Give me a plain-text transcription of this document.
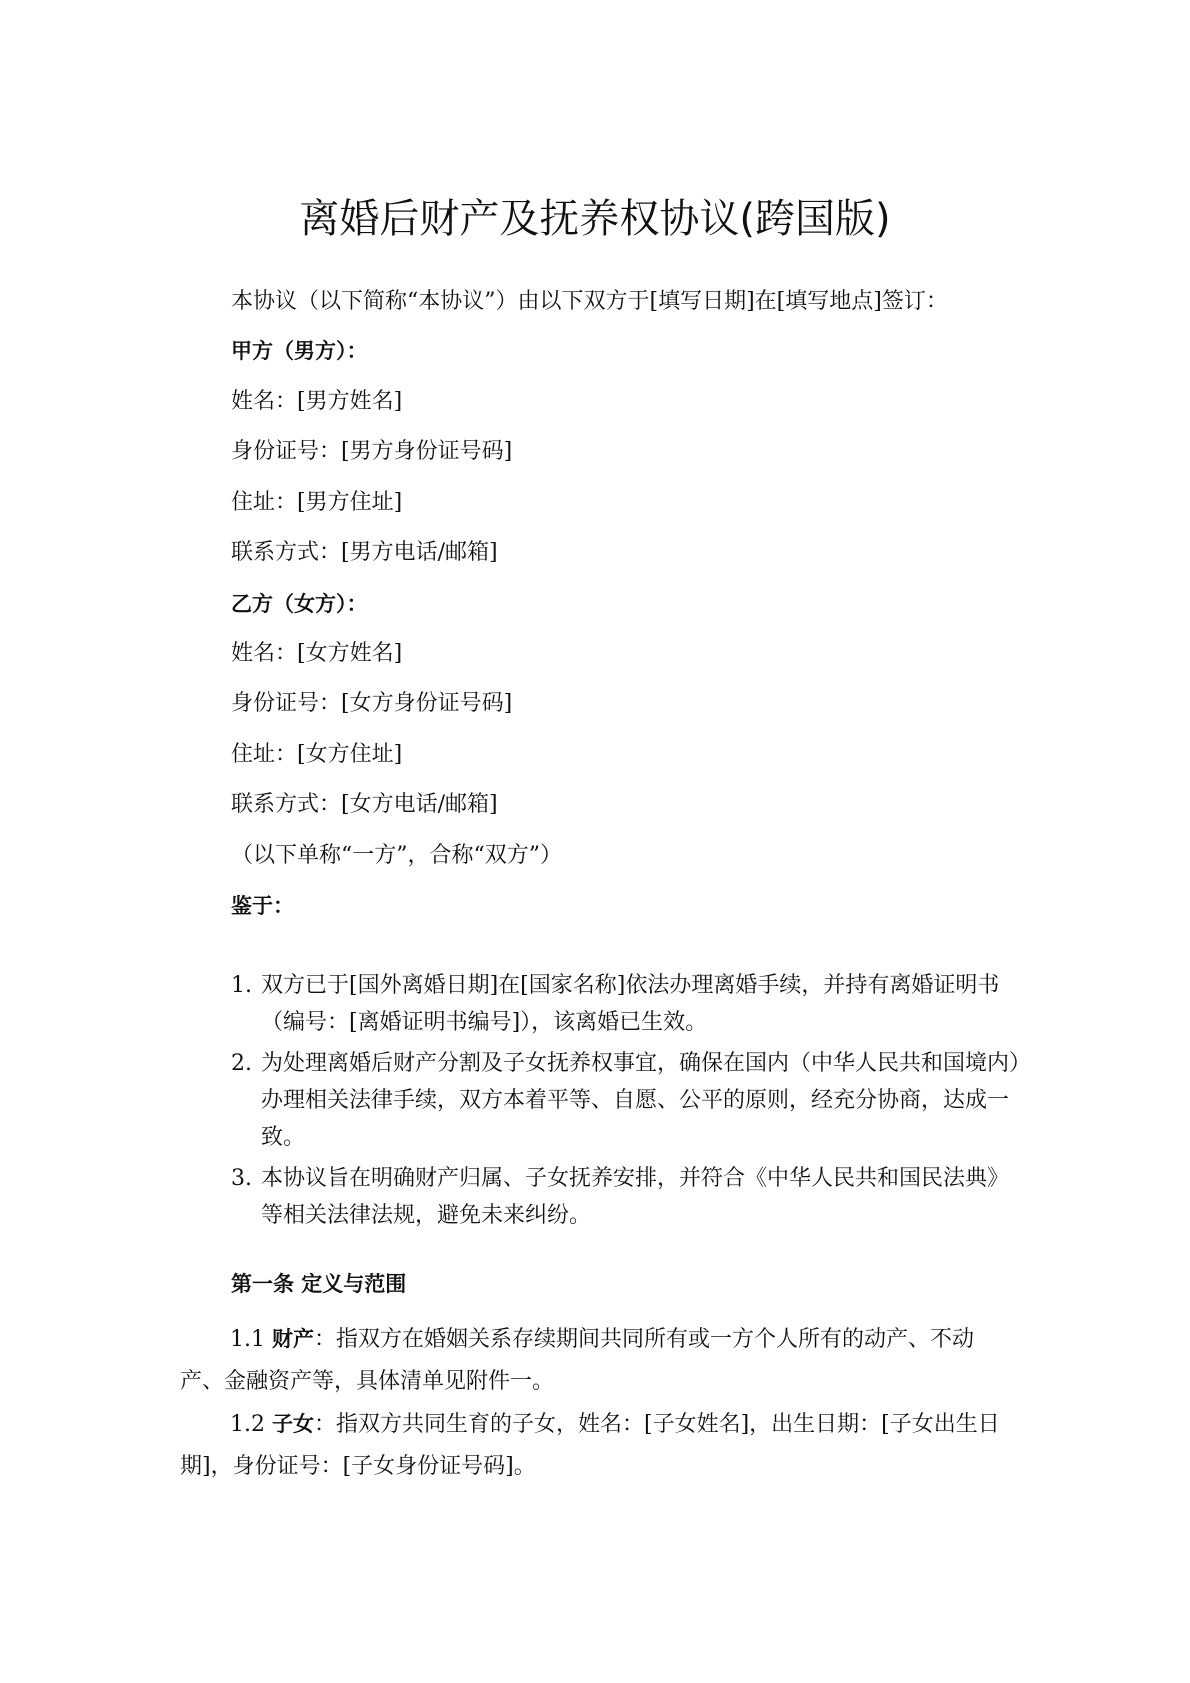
离婚后财产及抚养权协议(跨国版)
本协议（以下简称“本协议”）由以下双方于[填写日期]在[填写地点]签订：
甲方（男方）：
姓名：[男方姓名]
身份证号：[男方身份证号码]
住址：[男方住址]
联系方式：[男方电话/邮箱]
乙方（女方）：
姓名：[女方姓名]
身份证号：[女方身份证号码]
住址：[女方住址]
联系方式：[女方电话/邮箱]
（以下单称“一方”，合称“双方”）
鉴于：
1. 双方已于[国外离婚日期]在[国家名称]依法办理离婚手续，并持有离婚证明书（编号：[离婚证明书编号]），该离婚已生效。
2. 为处理离婚后财产分割及子女抚养权事宜，确保在国内（中华人民共和国境内）办理相关法律手续，双方本着平等、自愿、公平的原则，经充分协商，达成一致。
3. 本协议旨在明确财产归属、子女抚养安排，并符合《中华人民共和国民法典》等相关法律法规，避免未来纠纷。
第一条 定义与范围
1.1 财产：指双方在婚姻关系存续期间共同所有或一方个人所有的动产、不动产、金融资产等，具体清单见附件一。
1.2 子女：指双方共同生育的子女，姓名：[子女姓名]，出生日期：[子女出生日期]，身份证号：[子女身份证号码]。
